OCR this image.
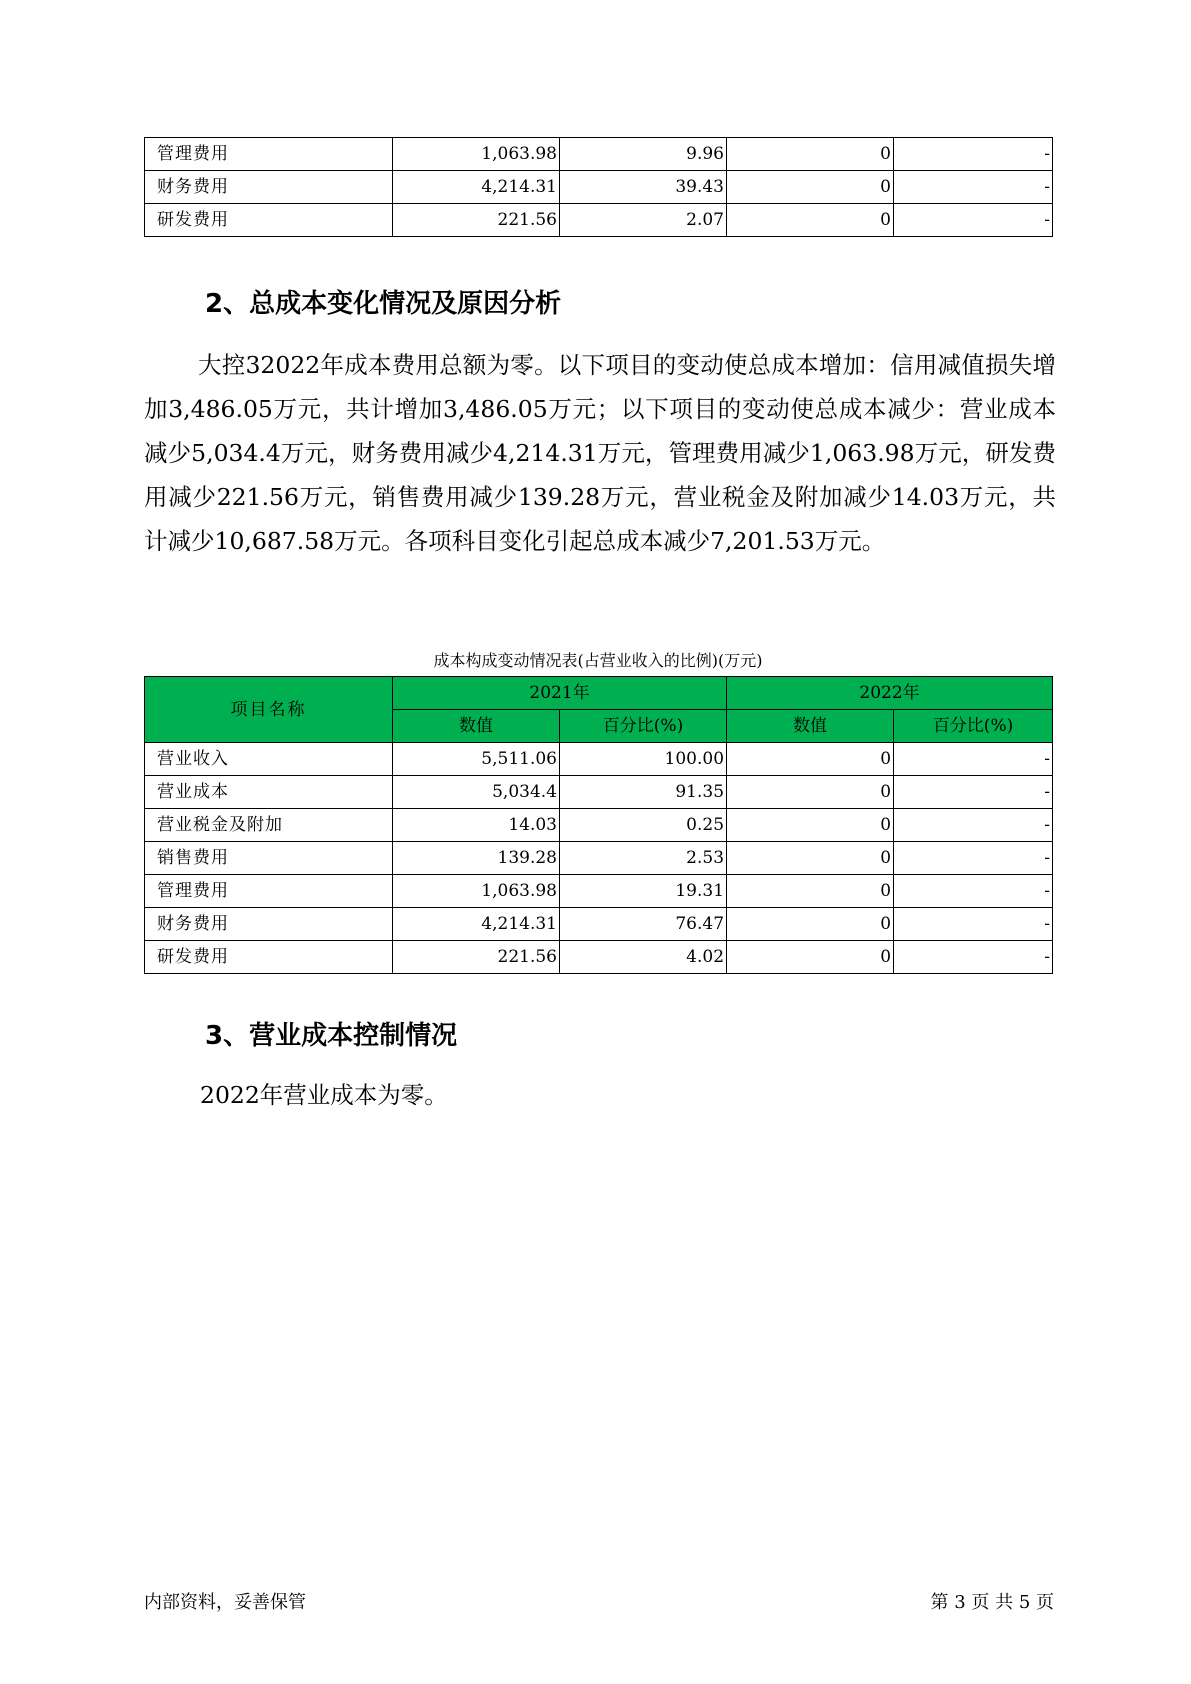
管理费用	1,063.98	9.96	0	-
财务费用	4,214.31	39.43	0	-
研发费用	221.56	2.07	0	-
2、总成本变化情况及原因分析

大控32022年成本费用总额为零。以下项目的变动使总成本增加：信用减值损失增加3,486.05万元，共计增加3,486.05万元；以下项目的变动使总成本减少：营业成本减少5,034.4万元，财务费用减少4,214.31万元，管理费用减少1,063.98万元，研发费用减少221.56万元，销售费用减少139.28万元，营业税金及附加减少14.03万元，共计减少10,687.58万元。各项科目变化引起总成本减少7,201.53万元。

成本构成变动情况表(占营业收入的比例)(万元)

项目名称	2021年		2022年	
	数值	百分比(%)	数值	百分比(%)
营业收入	5,511.06	100.00	0	-
营业成本	5,034.4	91.35	0	-
营业税金及附加	14.03	0.25	0	-
销售费用	139.28	2.53	0	-
管理费用	1,063.98	19.31	0	-
财务费用	4,214.31	76.47	0	-
研发费用	221.56	4.02	0	-
3、营业成本控制情况

2022年营业成本为零。

内部资料，妥善保管	第 3 页 共 5 页
